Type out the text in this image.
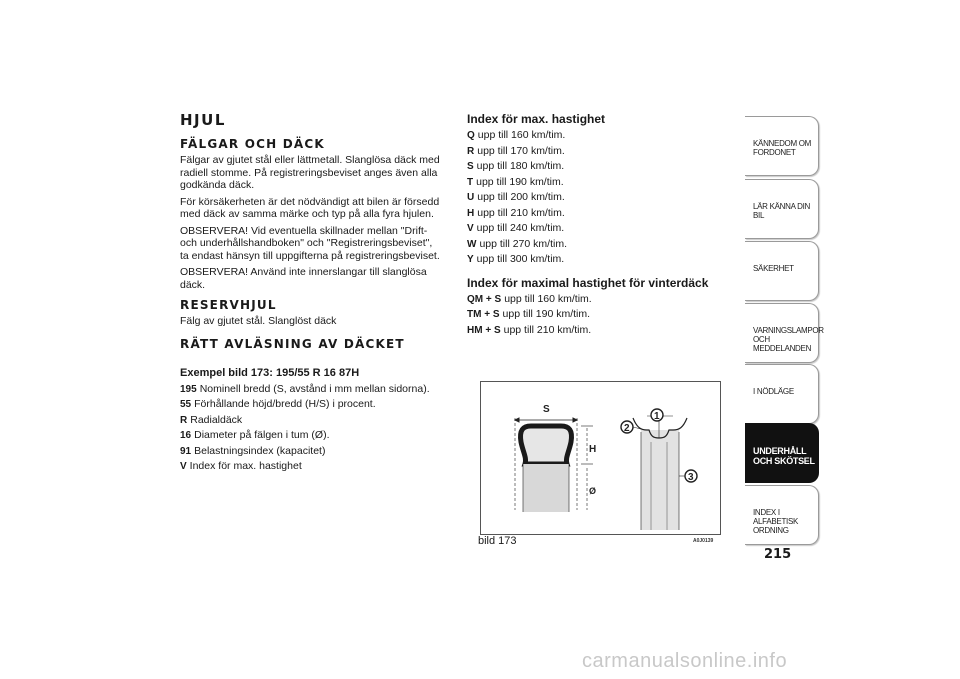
HJUL
FÄLGAR OCH DÄCK

Fälgar av gjutet stål eller lättmetall. Slanglösa däck med radiell stomme. På registreringsbeviset anges även alla godkända däck.

För körsäkerheten är det nödvändigt att bilen är försedd med däck av samma märke och typ på alla fyra hjulen.

OBSERVERA! Vid eventuella skillnader mellan "Drift- och underhållshandboken" och "Registreringsbeviset", ta endast hänsyn till uppgifterna på registreringsbeviset.

OBSERVERA! Använd inte innerslangar till slanglösa däck.

RESERVHJUL

Fälg av gjutet stål. Slanglöst däck

RÄTT AVLÄSNING AV DÄCKET
Exempel bild 173: 195/55 R 16 87H
195 Nominell bredd (S, avstånd i mm mellan sidorna).
55 Förhållande höjd/bredd (H/S) i procent.
R Radialdäck
16 Diameter på fälgen i tum (Ø).
91 Belastningsindex (kapacitet)
V Index för max. hastighet
Index för max. hastighet
Q upp till 160 km/tim.
R upp till 170 km/tim.
S upp till 180 km/tim.
T upp till 190 km/tim.
U upp till 200 km/tim.
H upp till 210 km/tim.
V upp till 240 km/tim.
W upp till 270 km/tim.
Y upp till 300 km/tim.
Index för maximal hastighet för vinterdäck
QM + S upp till 160 km/tim.
TM + S upp till 190 km/tim.
HM + S upp till 210 km/tim.
S
H
Ø
1
2
3
bild 173	A0J0139
KÄNNEDOM OM FORDONET
LÄR KÄNNA DIN BIL
SÄKERHET
VARNINGSLAMPOR OCH MEDDELANDEN
I NÖDLÄGE
UNDERHÅLL OCH SKÖTSEL
INDEX I ALFABETISK ORDNING
215
carmanualsonline.info
